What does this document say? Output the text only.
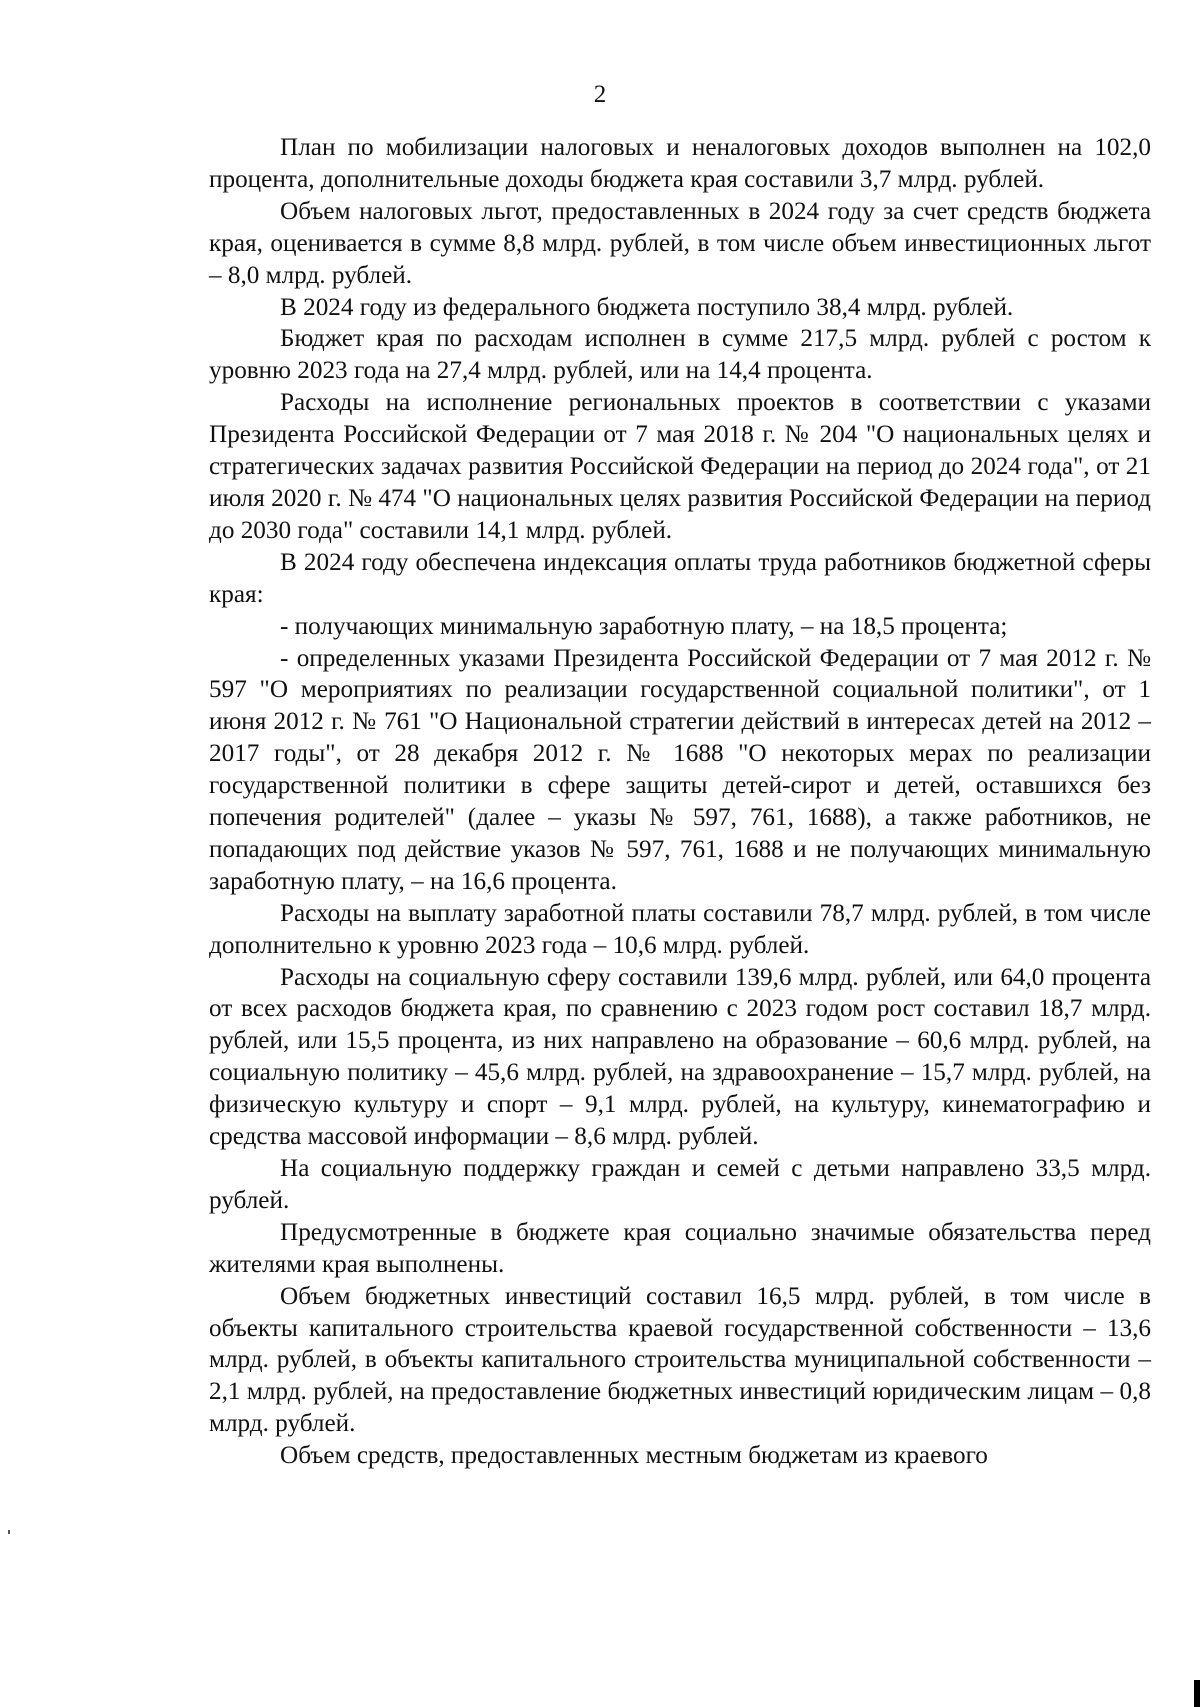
2

План по мобилизации налоговых и неналоговых доходов выполнен на 102,0 процента, дополнительные доходы бюджета края составили 3,7 млрд. рублей.

Объем налоговых льгот, предоставленных в 2024 году за счет средств бюджета края, оценивается в сумме 8,8 млрд. рублей, в том числе объем инвестиционных льгот – 8,0 млрд. рублей.

В 2024 году из федерального бюджета поступило 38,4 млрд. рублей.

Бюджет края по расходам исполнен в сумме 217,5 млрд. рублей с ростом к уровню 2023 года на 27,4 млрд. рублей, или на 14,4 процента.

Расходы на исполнение региональных проектов в соответствии с указами Президента Российской Федерации от 7 мая 2018 г. № 204 "О национальных целях и стратегических задачах развития Российской Федерации на период до 2024 года", от 21 июля 2020 г. № 474 "О национальных целях развития Российской Федерации на период до 2030 года" составили 14,1 млрд. рублей.

В 2024 году обеспечена индексация оплаты труда работников бюджетной сферы края:

- получающих минимальную заработную плату, – на 18,5 процента;

- определенных указами Президента Российской Федерации от 7 мая 2012 г. № 597 "О мероприятиях по реализации государственной социальной политики", от 1 июня 2012 г. № 761 "О Национальной стратегии действий в интересах детей на 2012 – 2017 годы", от 28 декабря 2012 г. № 1688 "О некоторых мерах по реализации государственной политики в сфере защиты детей-сирот и детей, оставшихся без попечения родителей" (далее – указы № 597, 761, 1688), а также работников, не попадающих под действие указов № 597, 761, 1688 и не получающих минимальную заработную плату, – на 16,6 процента.

Расходы на выплату заработной платы составили 78,7 млрд. рублей, в том числе дополнительно к уровню 2023 года – 10,6 млрд. рублей.

Расходы на социальную сферу составили 139,6 млрд. рублей, или 64,0 процента от всех расходов бюджета края, по сравнению с 2023 годом рост составил 18,7 млрд. рублей, или 15,5 процента, из них направлено на образование – 60,6 млрд. рублей, на социальную политику – 45,6 млрд. рублей, на здравоохранение – 15,7 млрд. рублей, на физическую культуру и спорт – 9,1 млрд. рублей, на культуру, кинематографию и средства массовой информации – 8,6 млрд. рублей.

На социальную поддержку граждан и семей с детьми направлено 33,5 млрд. рублей.

Предусмотренные в бюджете края социально значимые обязательства перед жителями края выполнены.

Объем бюджетных инвестиций составил 16,5 млрд. рублей, в том числе в объекты капитального строительства краевой государственной собственности – 13,6 млрд. рублей, в объекты капитального строительства муниципальной собственности – 2,1 млрд. рублей, на предоставление бюджетных инвестиций юридическим лицам – 0,8 млрд. рублей.

Объем средств, предоставленных местным бюджетам из краевого
